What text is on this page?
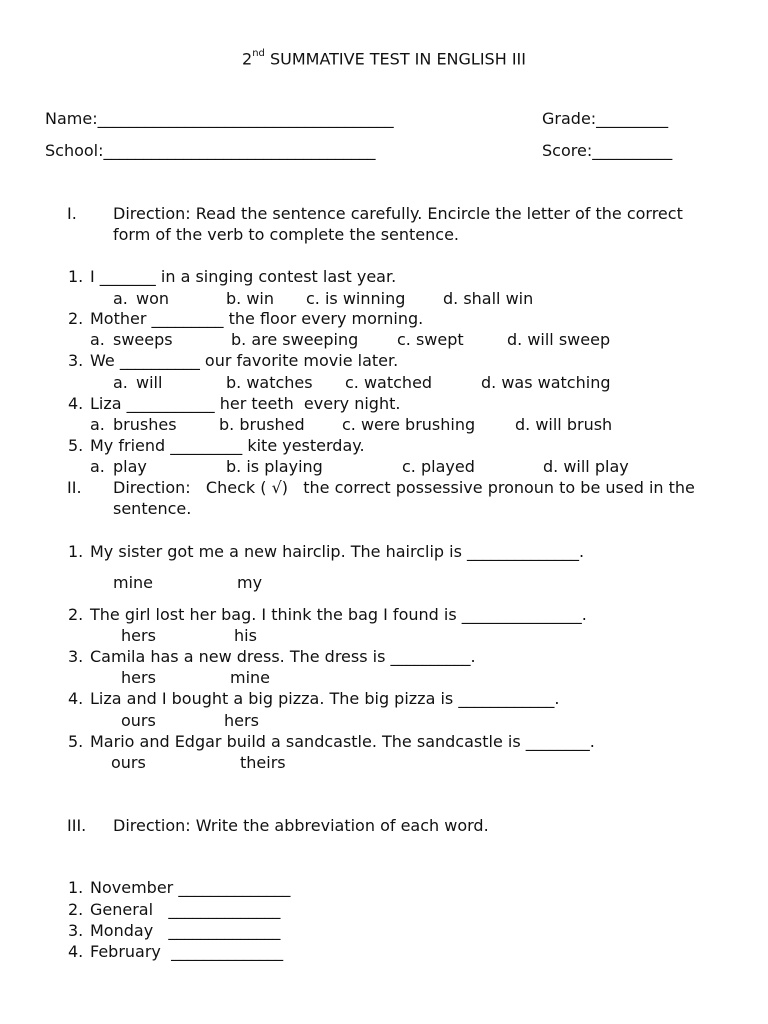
2nd SUMMATIVE TEST IN ENGLISH III
Name:_____________________________________	Grade:_________
School:__________________________________	Score:__________
I. Direction: Read the sentence carefully. Encircle the letter of the correct
form of the verb to complete the sentence.
1. I _______ in a singing contest last year.
a. won	b. win c. is winning d. shall win
2. Mother _________ the floor every morning.
a. sweeps	b. are sweeping c. swept	d. will sweep
3. We __________ our favorite movie later.
a. will	b. watches c. watched	d. was watching
4. Liza ___________ her teeth  every night.
a. brushes	b. brushed c. were brushing d. will brush
5. My friend _________ kite yesterday.
a. play	b. is playing	c. played	d. will play
II. Direction:   Check ( √)   the correct possessive pronoun to be used in the
sentence.
1. My sister got me a new hairclip. The hairclip is ______________.
mine	my
2. The girl lost her bag. I think the bag I found is _______________.
hers	his
3. Camila has a new dress. The dress is __________.
hers	mine
4. Liza and I bought a big pizza. The big pizza is ____________.
ours	hers
5. Mario and Edgar build a sandcastle. The sandcastle is ________.
ours	theirs
III. Direction: Write the abbreviation of each word.
1. November ______________
2. General   ______________
3. Monday   ______________
4. February  ______________
